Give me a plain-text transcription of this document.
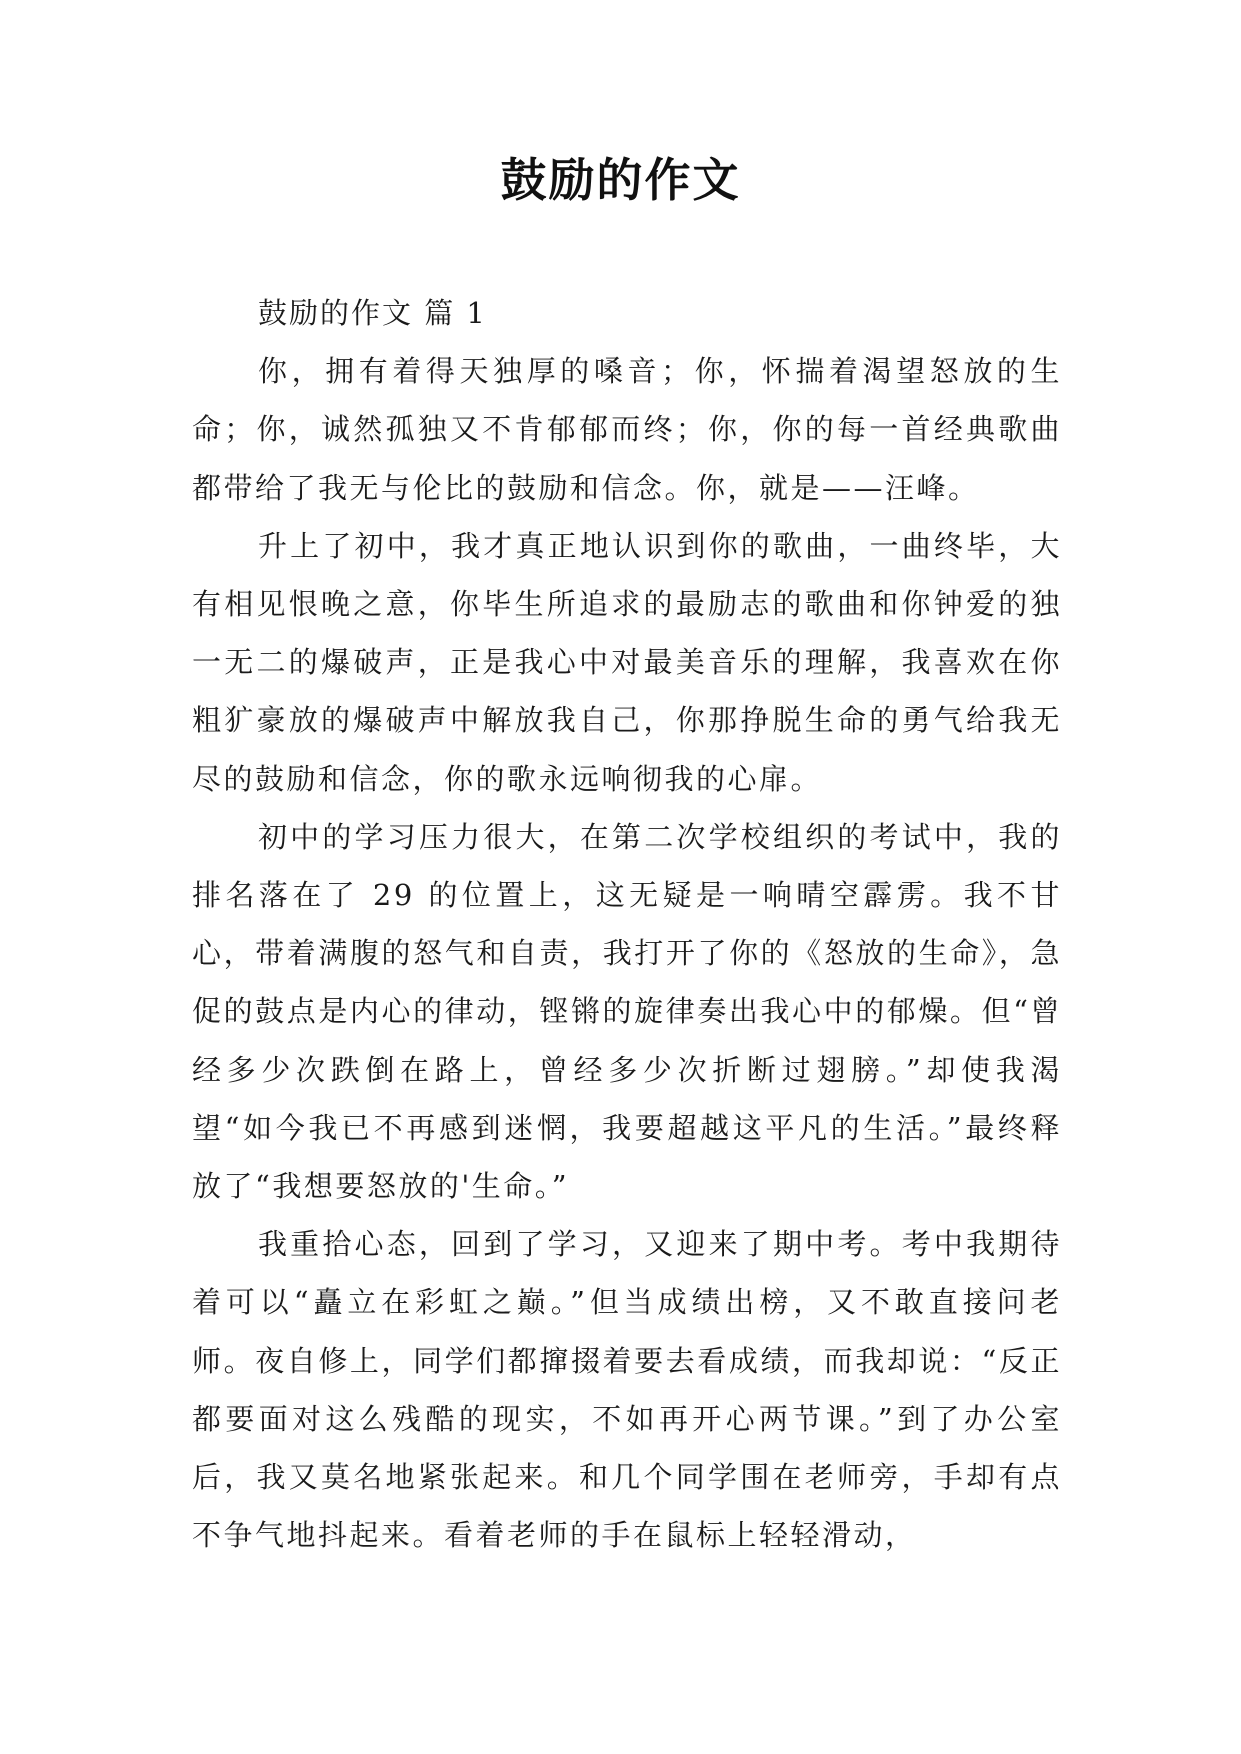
鼓励的作文

鼓励的作文 篇 1

你，拥有着得天独厚的嗓音；你，怀揣着渴望怒放的生命；你，诚然孤独又不肯郁郁而终；你，你的每一首经典歌曲都带给了我无与伦比的鼓励和信念。你，就是——汪峰。

升上了初中，我才真正地认识到你的歌曲，一曲终毕，大有相见恨晚之意，你毕生所追求的最励志的歌曲和你钟爱的独一无二的爆破声，正是我心中对最美音乐的理解，我喜欢在你粗犷豪放的爆破声中解放我自己，你那挣脱生命的勇气给我无尽的鼓励和信念，你的歌永远响彻我的心扉。

初中的学习压力很大，在第二次学校组织的考试中，我的排名落在了 29 的位置上，这无疑是一响晴空霹雳。我不甘心，带着满腹的怒气和自责，我打开了你的《怒放的生命》，急促的鼓点是内心的律动，铿锵的旋律奏出我心中的郁燥。但“曾经多少次跌倒在路上，曾经多少次折断过翅膀。”却使我渴望“如今我已不再感到迷惘，我要超越这平凡的生活。”最终释放了“我想要怒放的'生命。”

我重拾心态，回到了学习，又迎来了期中考。考中我期待着可以“矗立在彩虹之巅。”但当成绩出榜，又不敢直接问老师。夜自修上，同学们都撺掇着要去看成绩，而我却说：“反正都要面对这么残酷的现实，不如再开心两节课。”到了办公室后，我又莫名地紧张起来。和几个同学围在老师旁，手却有点不争气地抖起来。看着老师的手在鼠标上轻轻滑动，
